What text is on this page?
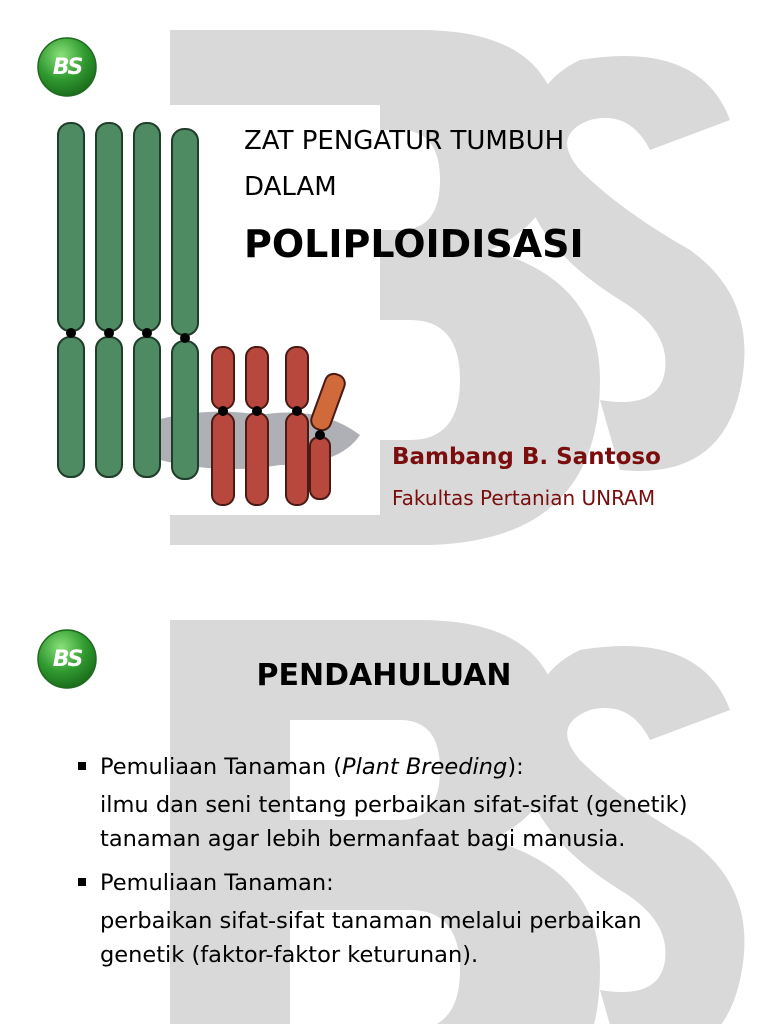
BS
ZAT PENGATUR TUMBUH
DALAM
POLIPLOIDISASI
Bambang B. Santoso
Fakultas Pertanian UNRAM
BS	PENDAHULUAN
Pemuliaan Tanaman (Plant Breeding):
ilmu dan seni tentang perbaikan sifat-sifat (genetik) tanaman agar lebih bermanfaat bagi manusia.
Pemuliaan Tanaman:
perbaikan sifat-sifat tanaman melalui perbaikan genetik (faktor-faktor keturunan).
